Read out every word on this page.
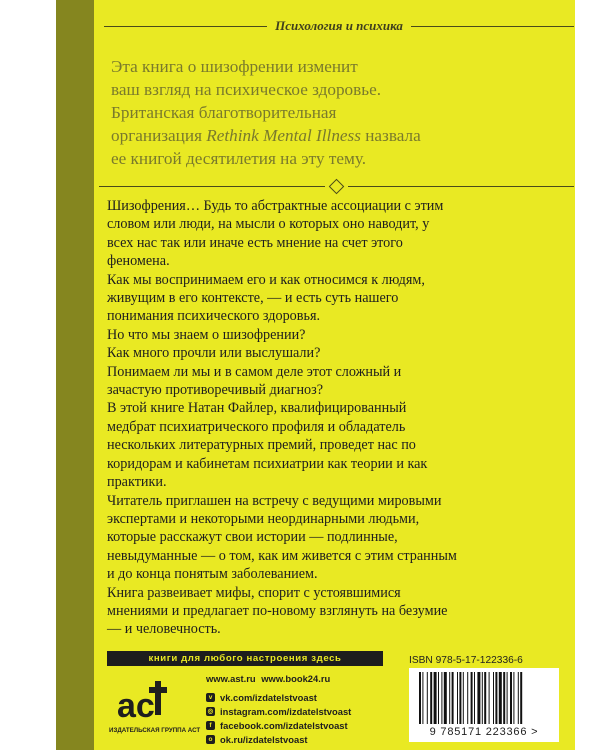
Психология и психика
Эта книга о шизофрении изменит
ваш взгляд на психическое здоровье.
Британская благотворительная
организация Rethink Mental Illness назвала
ее книгой десятилетия на эту тему.

Шизофрения… Будь то абстрактные ассоциации с этим словом или люди, на мысли о которых оно наводит, у всех нас так или иначе есть мнение на счет этого феномена.

Как мы воспринимаем его и как относимся к людям, живущим в его контексте, — и есть суть нашего понимания психического здоровья.

Но что мы знаем о шизофрении?

Как много прочли или выслушали?

Понимаем ли мы и в самом деле этот сложный и зачастую противоречивый диагноз?

В этой книге Натан Файлер, квалифицированный медбрат психиатрического профиля и обладатель нескольких литературных премий, проведет нас по коридорам и кабинетам психиатрии как теории и как практики.

Читатель приглашен на встречу с ведущими мировыми экспертами и некоторыми неординарными людьми, которые расскажут свои истории — подлинные, невыдуманные — о том, как им живется с этим странным и до конца понятым заболеванием.

Книга развеивает мифы, спорит с устоявшимися мнениями и предлагает по-новому взглянуть на безумие — и человечность.

книги для любого настроения здесь
ac
ИЗДАТЕЛЬСКАЯ ГРУППА АСТ
www.ast.ru www.book24.ru
v vk.com/izdatelstvoast
◎ instagram.com/izdatelstvoast
f facebook.com/izdatelstvoast
o ok.ru/izdatelstvoast
ISBN 978-5-17-122336-6
9 785171 223366 >
